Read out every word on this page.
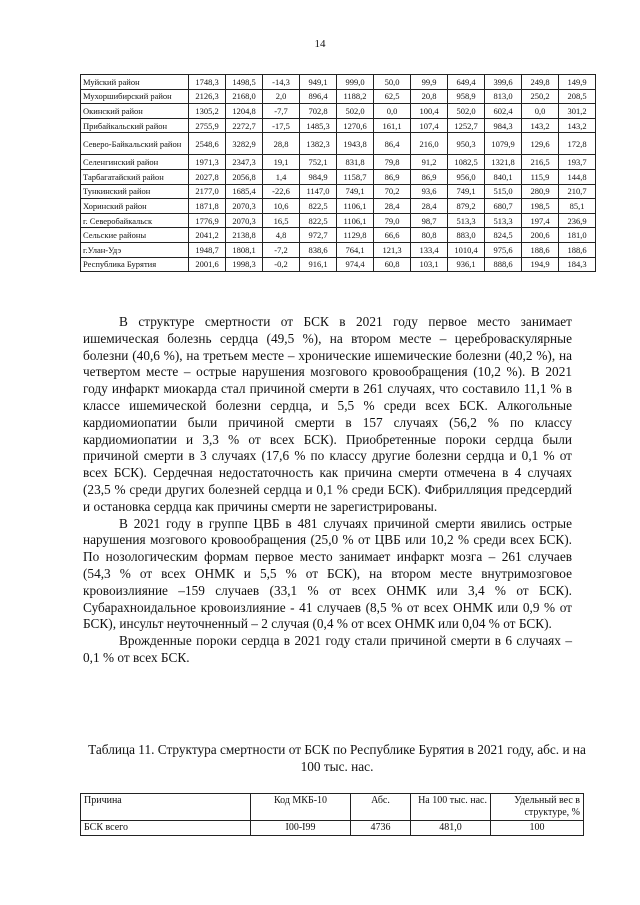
14
Муйский район	1748,3	1498,5	-14,3	949,1	999,0	50,0	99,9	649,4	399,6	249,8	149,9
Мухоршибирский район	2126,3	2168,0	2,0	896,4	1188,2	62,5	20,8	958,9	813,0	250,2	208,5
Окинский район	1305,2	1204,8	-7,7	702,8	502,0	0,0	100,4	502,0	602,4	0,0	301,2
Прибайкальский район	2755,9	2272,7	-17,5	1485,3	1270,6	161,1	107,4	1252,7	984,3	143,2	143,2
Северо-Байкальский район	2548,6	3282,9	28,8	1382,3	1943,8	86,4	216,0	950,3	1079,9	129,6	172,8
Селенгинский район	1971,3	2347,3	19,1	752,1	831,8	79,8	91,2	1082,5	1321,8	216,5	193,7
Тарбагатайский район	2027,8	2056,8	1,4	984,9	1158,7	86,9	86,9	956,0	840,1	115,9	144,8
Тункинский район	2177,0	1685,4	-22,6	1147,0	749,1	70,2	93,6	749,1	515,0	280,9	210,7
Хоринский район	1871,8	2070,3	10,6	822,5	1106,1	28,4	28,4	879,2	680,7	198,5	85,1
г. Северобайкальск	1776,9	2070,3	16,5	822,5	1106,1	79,0	98,7	513,3	513,3	197,4	236,9
Сельские районы	2041,2	2138,8	4,8	972,7	1129,8	66,6	80,8	883,0	824,5	200,6	181,0
г.Улан-Удэ	1948,7	1808,1	-7,2	838,6	764,1	121,3	133,4	1010,4	975,6	188,6	188,6
Республика Бурятия	2001,6	1998,3	-0,2	916,1	974,4	60,8	103,1	936,1	888,6	194,9	184,3

В структуре смертности от БСК в 2021 году первое место занимает ишемическая болезнь сердца (49,5 %), на втором месте – цереброваскулярные болезни (40,6 %), на третьем месте – хронические ишемические болезни (40,2 %), на четвертом месте – острые нарушения мозгового кровообращения (10,2 %). В 2021 году инфаркт миокарда стал причиной смерти в 261 случаях, что составило 11,1 % в классе ишемической болезни сердца, и 5,5 % среди всех БСК. Алкогольные кардиомиопатии были причиной смерти в 157 случаях (56,2 % по классу кардиомиопатии и 3,3 % от всех БСК). Приобретенные пороки сердца были причиной смерти в 3 случаях (17,6 % по классу другие болезни сердца и 0,1 % от всех БСК). Сердечная недостаточность как причина смерти отмечена в 4 случаях (23,5 % среди других болезней сердца и 0,1 % среди БСК). Фибрилляция предсердий и остановка сердца как причины смерти не зарегистрированы.

В 2021 году в группе ЦВБ в 481 случаях причиной смерти явились острые нарушения мозгового кровообращения (25,0 % от ЦВБ или 10,2 % среди всех БСК). По нозологическим формам первое место занимает инфаркт мозга – 261 случаев (54,3 % от всех ОНМК и 5,5 % от БСК), на втором месте внутримозговое кровоизлияние –159 случаев (33,1 % от всех ОНМК или 3,4 % от БСК). Субарахноидальное кровоизлияние - 41 случаев (8,5 % от всех ОНМК или 0,9 % от БСК), инсульт неуточненный – 2 случая (0,4 % от всех ОНМК или 0,04 % от БСК).

Врожденные пороки сердца в 2021 году стали причиной смерти в 6 случаях – 0,1 % от всех БСК.

Таблица 11. Структура смертности от БСК по Республике Бурятия в 2021 году, абс. и на 100 тыс. нас.
Причина	Код МКБ-10	Абс.	На 100 тыс. нас.	Удельный вес в структуре, %
БСК всего	I00-I99	4736	481,0	100
